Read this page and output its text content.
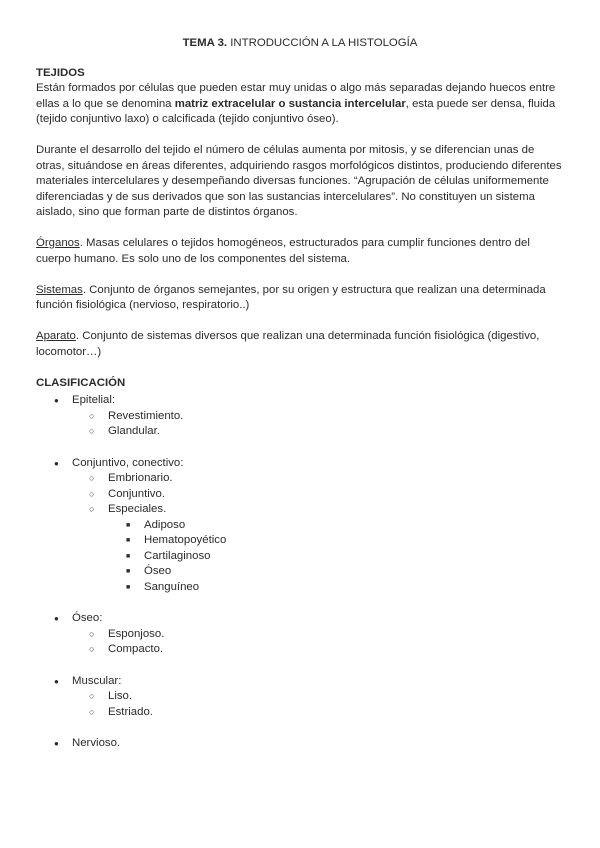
TEMA 3. INTRODUCCIÓN A LA HISTOLOGÍA
TEJIDOS

Están formados por células que pueden estar muy unidas o algo más separadas dejando huecos entre ellas a lo que se denomina matriz extracelular o sustancia intercelular, esta puede ser densa, fluida (tejido conjuntivo laxo) o calcificada (tejido conjuntivo óseo).

Durante el desarrollo del tejido el número de células aumenta por mitosis, y se diferencian unas de otras, situándose en áreas diferentes, adquiriendo rasgos morfológicos distintos, produciendo diferentes materiales intercelulares y desempeñando diversas funciones. “Agrupación de células uniformemente diferenciadas y de sus derivados que son las sustancias intercelulares”. No constituyen un sistema aislado, sino que forman parte de distintos órganos.

Órganos. Masas celulares o tejidos homogéneos, estructurados para cumplir funciones dentro del cuerpo humano. Es solo uno de los componentes del sistema.

Sistemas. Conjunto de órganos semejantes, por su origen y estructura que realizan una determinada función fisiológica (nervioso, respiratorio..)

Aparato. Conjunto de sistemas diversos que realizan una determinada función fisiológica (digestivo, locomotor…)

CLASIFICACIÓN
● Epitelial:
○ Revestimiento.
○ Glandular.
● Conjuntivo, conectivo:
○ Embrionario.
○ Conjuntivo.
○ Especiales.
■ Adiposo
■ Hematopoyético
■ Cartilaginoso
■ Óseo
■ Sanguíneo
● Óseo:
○ Esponjoso.
○ Compacto.
● Muscular:
○ Liso.
○ Estriado.
● Nervioso.
